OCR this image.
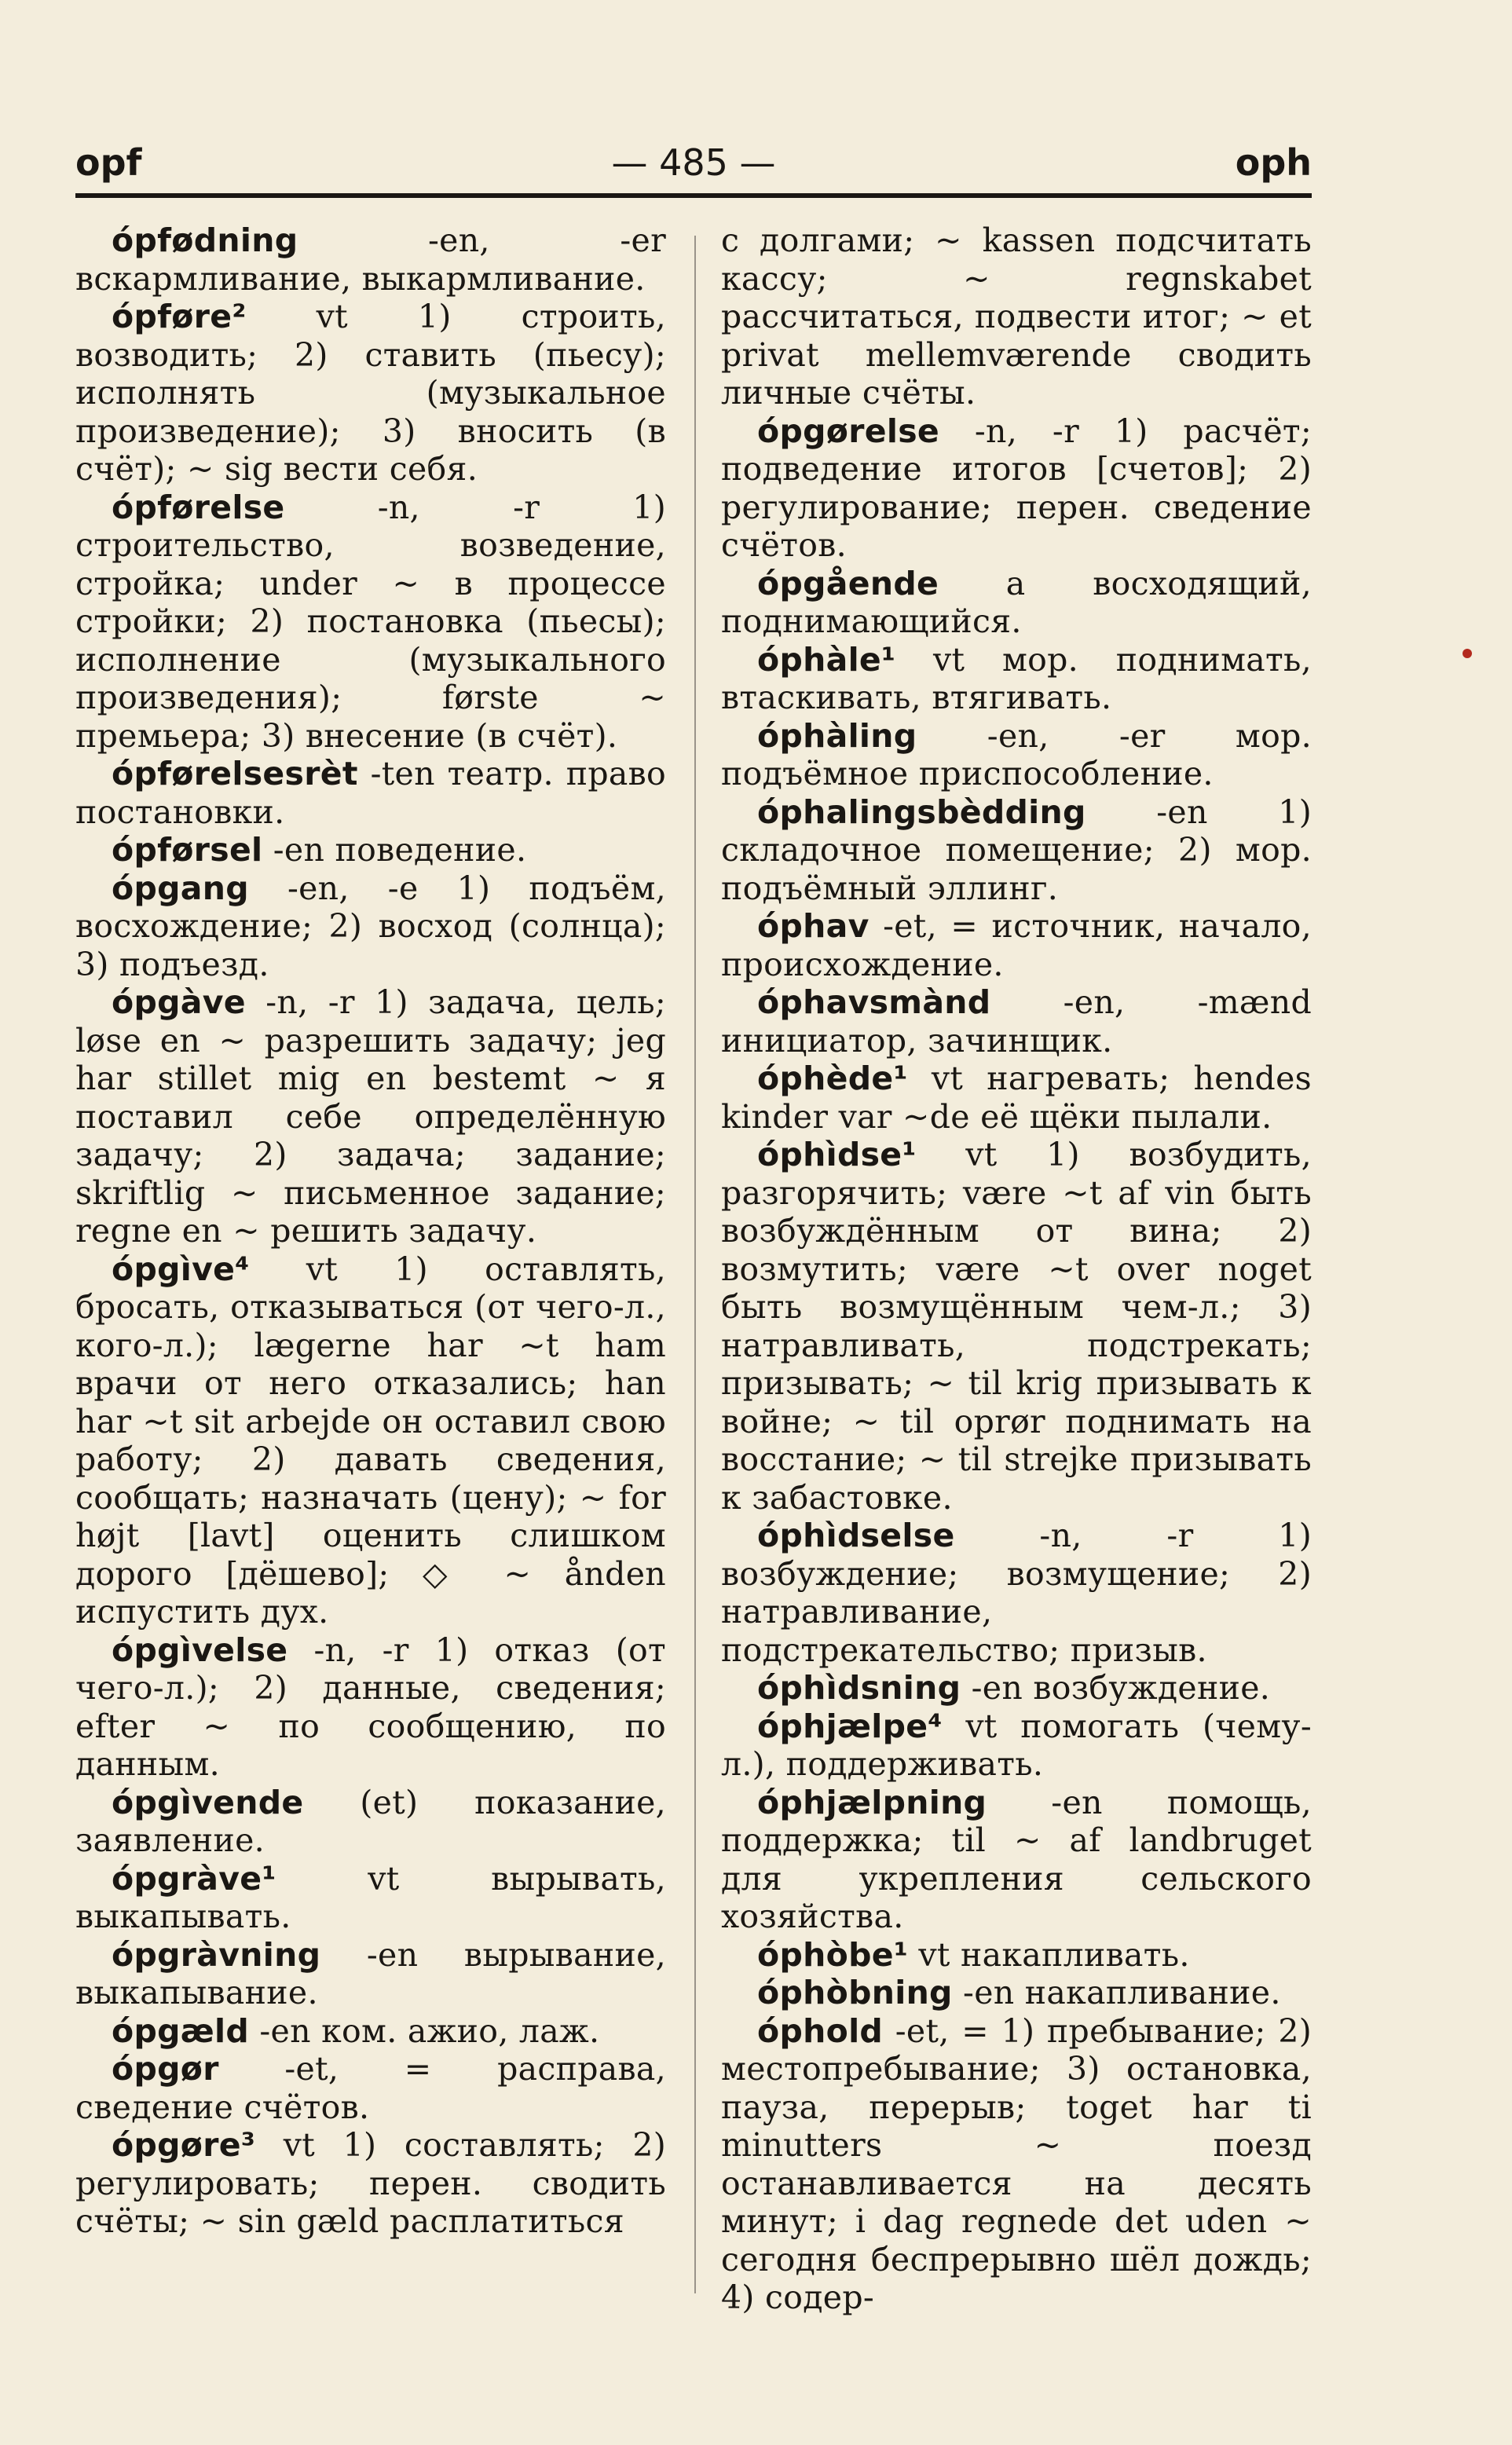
opf	— 485 —	oph

ópfødning -en, -er вскармливание, выкармливание.

ópføre² vt 1) строить, возводить; 2) ставить (пьесу); исполнять (музыкальное произведение); 3) вносить (в счёт); ~ sig вести себя.

ópførelse -n, -r 1) строительство, возведение, стройка; under ~ в процессе стройки; 2) постановка (пьесы); исполнение (музыкального произведения); første ~ премьера; 3) внесение (в счёт).

ópførelsesrèt -ten театр. право постановки.

ópførsel -en поведение.

ópgang -en, -e 1) подъём, восхождение; 2) восход (солнца); 3) подъезд.

ópgàve -n, -r 1) задача, цель; løse en ~ разрешить задачу; jeg har stillet mig en bestemt ~ я поставил себе определённую задачу; 2) задача; задание; skriftlig ~ письменное задание; regne en ~ решить задачу.

ópgìve⁴ vt 1) оставлять, бросать, отказываться (от чего-л., кого-л.); lægerne har ~t ham врачи от него отказались; han har ~t sit arbejde он оставил свою работу; 2) давать сведения, сообщать; назначать (цену); ~ for højt [lavt] оценить слишком дорого [дёшево]; ◇ ~ ånden испустить дух.

ópgìvelse -n, -r 1) отказ (от чего-л.); 2) данные, сведения; efter ~ по сообщению, по данным.

ópgìvende (et) показание, заявление.

ópgràve¹ vt вырывать, выкапывать.

ópgràvning -en вырывание, выкапывание.

ópgæld -en ком. ажио, лаж.

ópgør -et, = расправа, сведение счётов.

ópgøre³ vt 1) составлять; 2) регулировать; перен. сводить счёты; ~ sin gæld расплатиться

с долгами; ~ kassen подсчитать кассу; ~ regnskabet рассчитаться, подвести итог; ~ et privat mellemværende сводить личные счёты.

ópgørelse -n, -r 1) расчёт; подведение итогов [счетов]; 2) регулирование; перен. сведение счётов.

ópgående a восходящий, поднимающийся.

óphàle¹ vt мор. поднимать, втаскивать, втягивать.

óphàling -en, -er мор. подъёмное приспособление.

óphalingsbèdding -en 1) складочное помещение; 2) мор. подъёмный эллинг.

óphav -et, = источник, начало, происхождение.

óphavsmànd -en, -mænd инициатор, зачинщик.

óphède¹ vt нагревать; hendes kinder var ~de её щёки пылали.

óphìdse¹ vt 1) возбудить, разгорячить; være ~t af vin быть возбуждённым от вина; 2) возмутить; være ~t over noget быть возмущённым чем-л.; 3) натравливать, подстрекать; призывать; ~ til krig призывать к войне; ~ til oprør поднимать на восстание; ~ til strejke призывать к забастовке.

óphìdselse -n, -r 1) возбуждение; возмущение; 2) натравливание, подстрекательство; призыв.

óphìdsning -en возбуждение.

óphjælpe⁴ vt помогать (чему-л.), поддерживать.

óphjælpning -en помощь, поддержка; til ~ af landbruget для укрепления сельского хозяйства.

óphòbe¹ vt накапливать.

óphòbning -en накапливание.

óphold -et, = 1) пребывание; 2) местопребывание; 3) остановка, пауза, перерыв; toget har ti minutters ~ поезд останавливается на десять минут; i dag regnede det uden ~ сегодня беспрерывно шёл дождь; 4) содер-
